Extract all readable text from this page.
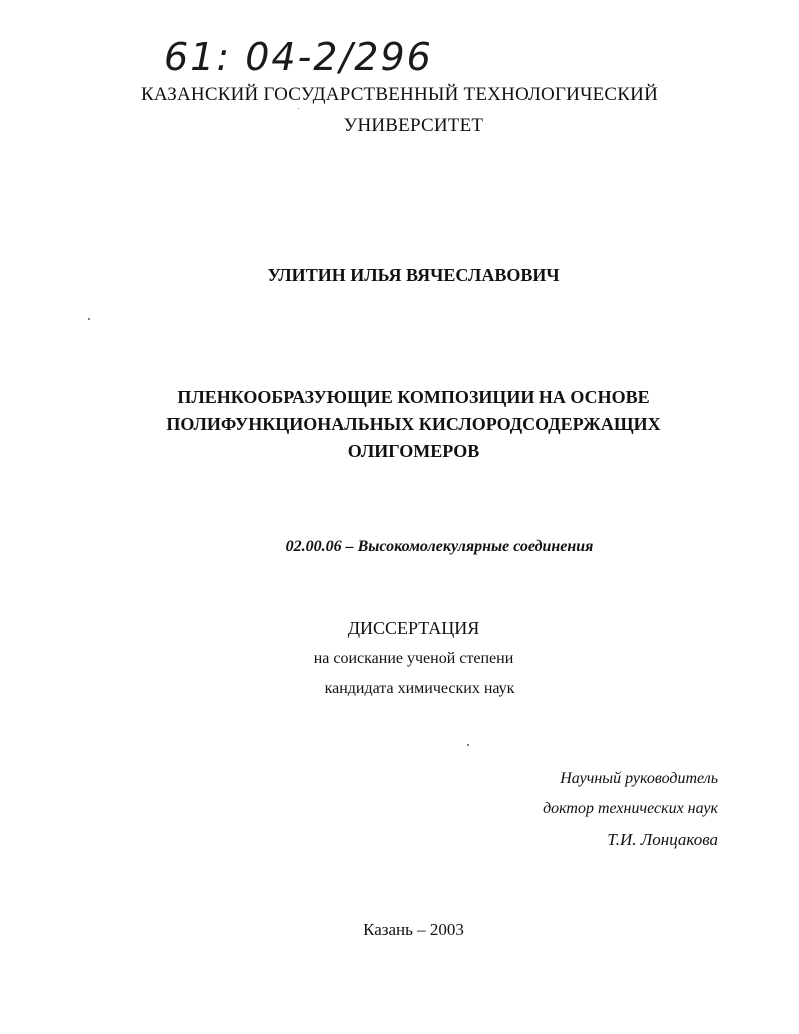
61: 04-2/296
КАЗАНСКИЙ ГОСУДАРСТВЕННЫЙ ТЕХНОЛОГИЧЕСКИЙ
УНИВЕРСИТЕТ
УЛИТИН ИЛЬЯ ВЯЧЕСЛАВОВИЧ
ПЛЕНКООБРАЗУЮЩИЕ КОМПОЗИЦИИ НА ОСНОВЕ
ПОЛИФУНКЦИОНАЛЬНЫХ КИСЛОРОДСОДЕРЖАЩИХ
ОЛИГОМЕРОВ
02.00.06 – Высокомолекулярные соединения
ДИССЕРТАЦИЯ
на соискание ученой степени
кандидата химических наук
Научный руководитель
доктор технических наук
Т.И. Лонцакова
Казань – 2003
